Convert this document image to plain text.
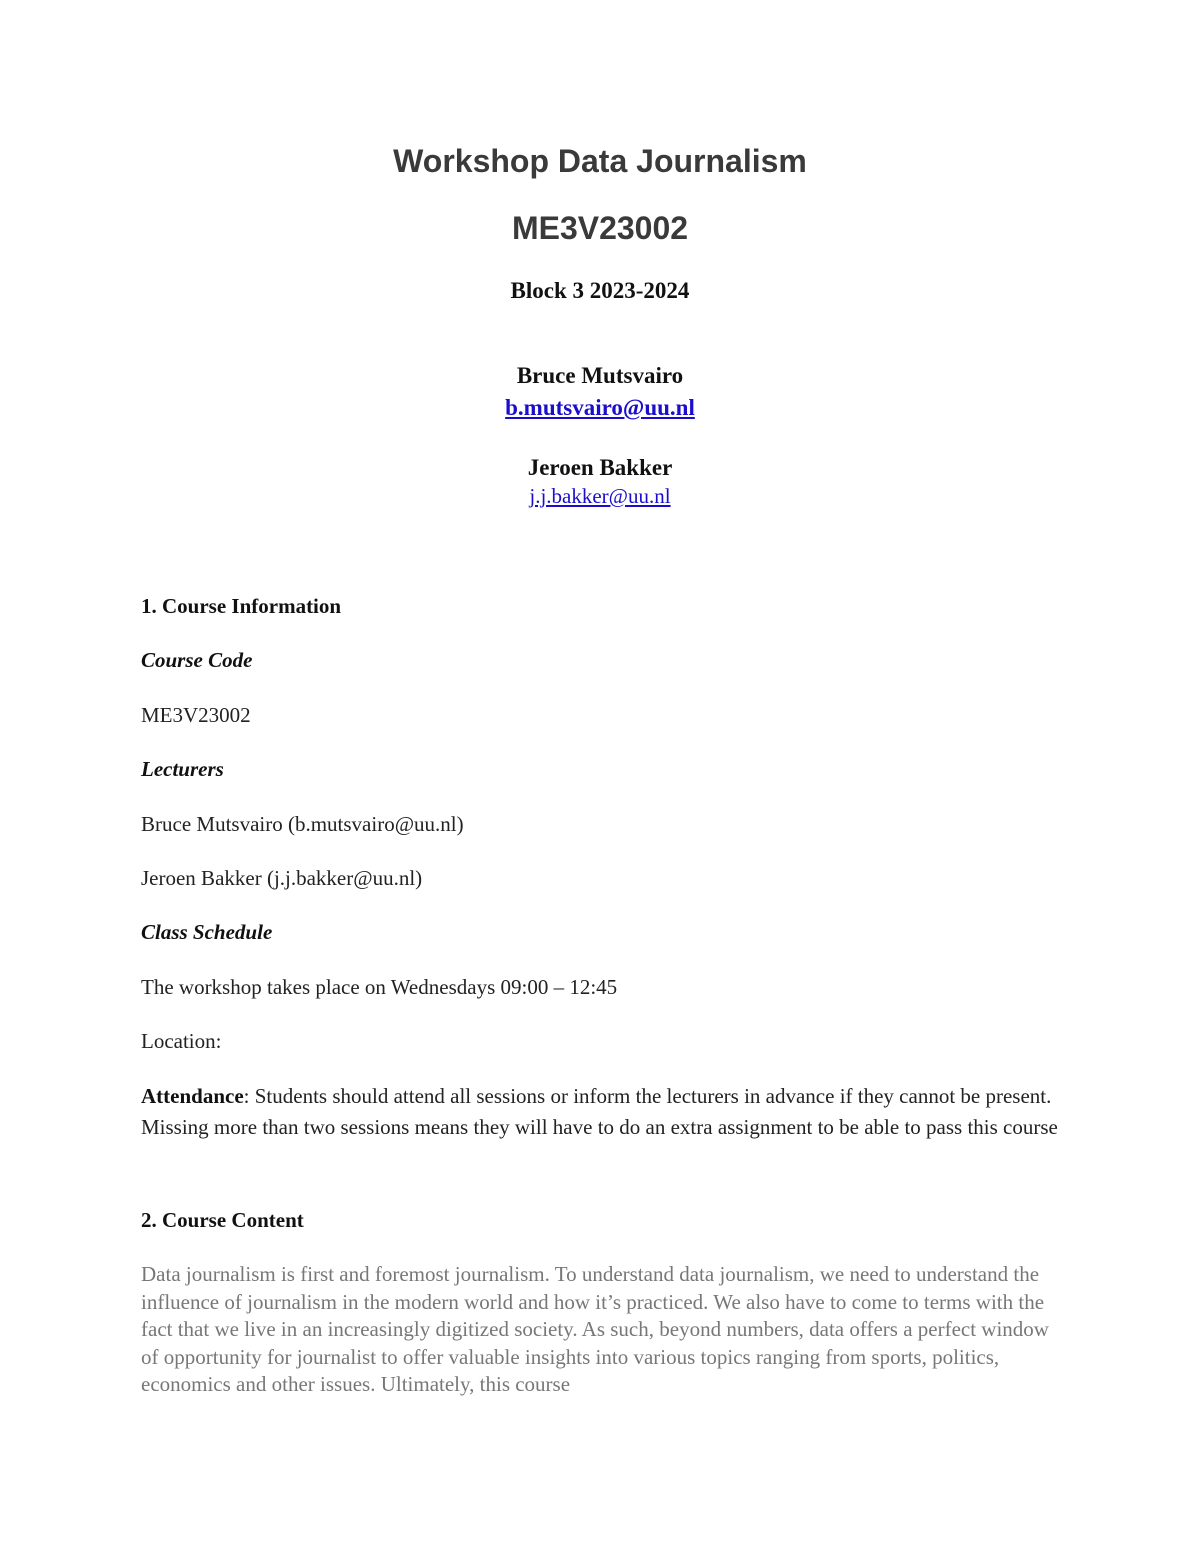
Workshop Data Journalism
ME3V23002
Block 3 2023-2024
Bruce Mutsvairo
b.mutsvairo@uu.nl
Jeroen Bakker
j.j.bakker@uu.nl
1. Course Information
Course Code
ME3V23002
Lecturers
Bruce Mutsvairo (b.mutsvairo@uu.nl)
Jeroen Bakker (j.j.bakker@uu.nl)
Class Schedule
The workshop takes place on Wednesdays 09:00 – 12:45
Location:
Attendance: Students should attend all sessions or inform the lecturers in advance if they cannot be present. Missing more than two sessions means they will have to do an extra assignment to be able to pass this course
2. Course Content
Data journalism is first and foremost journalism. To understand data journalism, we need to understand the influence of journalism in the modern world and how it’s practiced. We also have to come to terms with the fact that we live in an increasingly digitized society. As such, beyond numbers, data offers a perfect window of opportunity for journalist to offer valuable insights into various topics ranging from sports, politics, economics and other issues. Ultimately, this course
